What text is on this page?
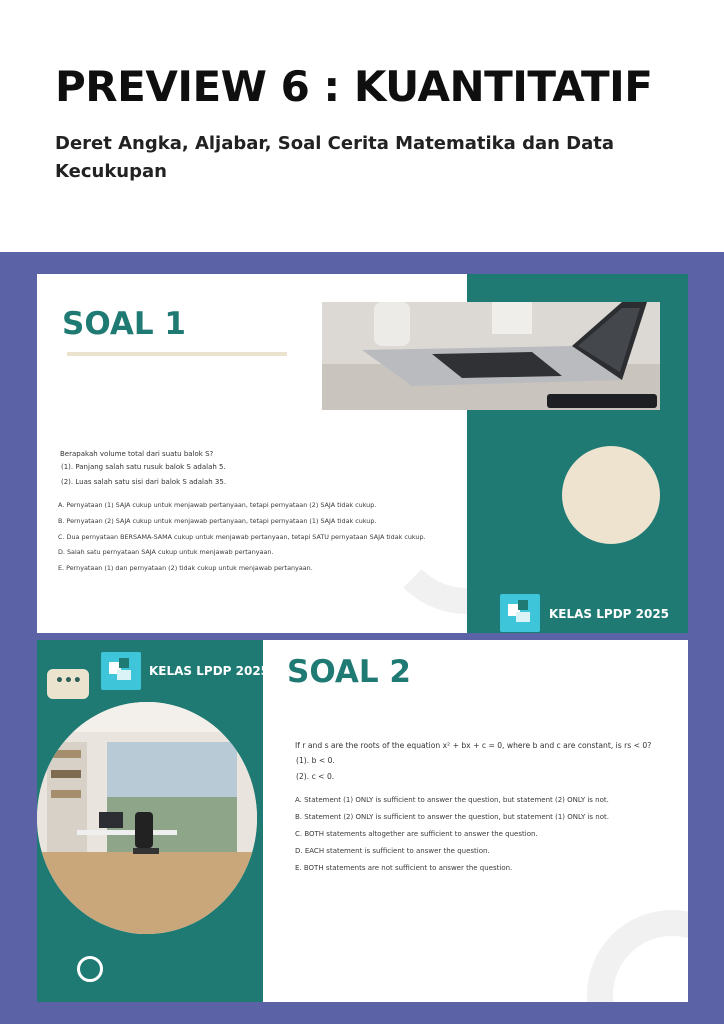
PREVIEW 6 : KUANTITATIF
Deret Angka, Aljabar, Soal Cerita Matematika dan Data Kecukupan
SOAL 1
Berapakah volume total dari suatu balok S?
(1). Panjang salah satu rusuk balok S adalah 5.
(2). Luas salah satu sisi dari balok S adalah 35.
A. Pernyataan (1) SAJA cukup untuk menjawab pertanyaan, tetapi pernyataan (2) SAJA tidak cukup.
B. Pernyataan (2) SAJA cukup untuk menjawab pertanyaan, tetapi pernyataan (1) SAJA tidak cukup.
C. Dua pernyataan BERSAMA-SAMA cukup untuk menjawab pertanyaan, tetapi SATU pernyataan SAJA tidak cukup.
D. Salah satu pernyataan SAJA cukup untuk menjawab pertanyaan.
E. Pernyataan (1) dan pernyataan (2) tidak cukup untuk menjawab pertanyaan.
KELAS LPDP 2025
•••
KELAS LPDP 2025 SOAL 2
If r and s are the roots of the equation x² + bx + c = 0, where b and c are constant, is rs < 0?
(1). b < 0.
(2). c < 0.
A. Statement (1) ONLY is sufficient to answer the question, but statement (2) ONLY is not.
B. Statement (2) ONLY is sufficient to answer the question, but statement (1) ONLY is not.
C. BOTH statements altogether are sufficient to answer the question.
D. EACH statement is sufficient to answer the question.
E. BOTH statements are not sufficient to answer the question.
